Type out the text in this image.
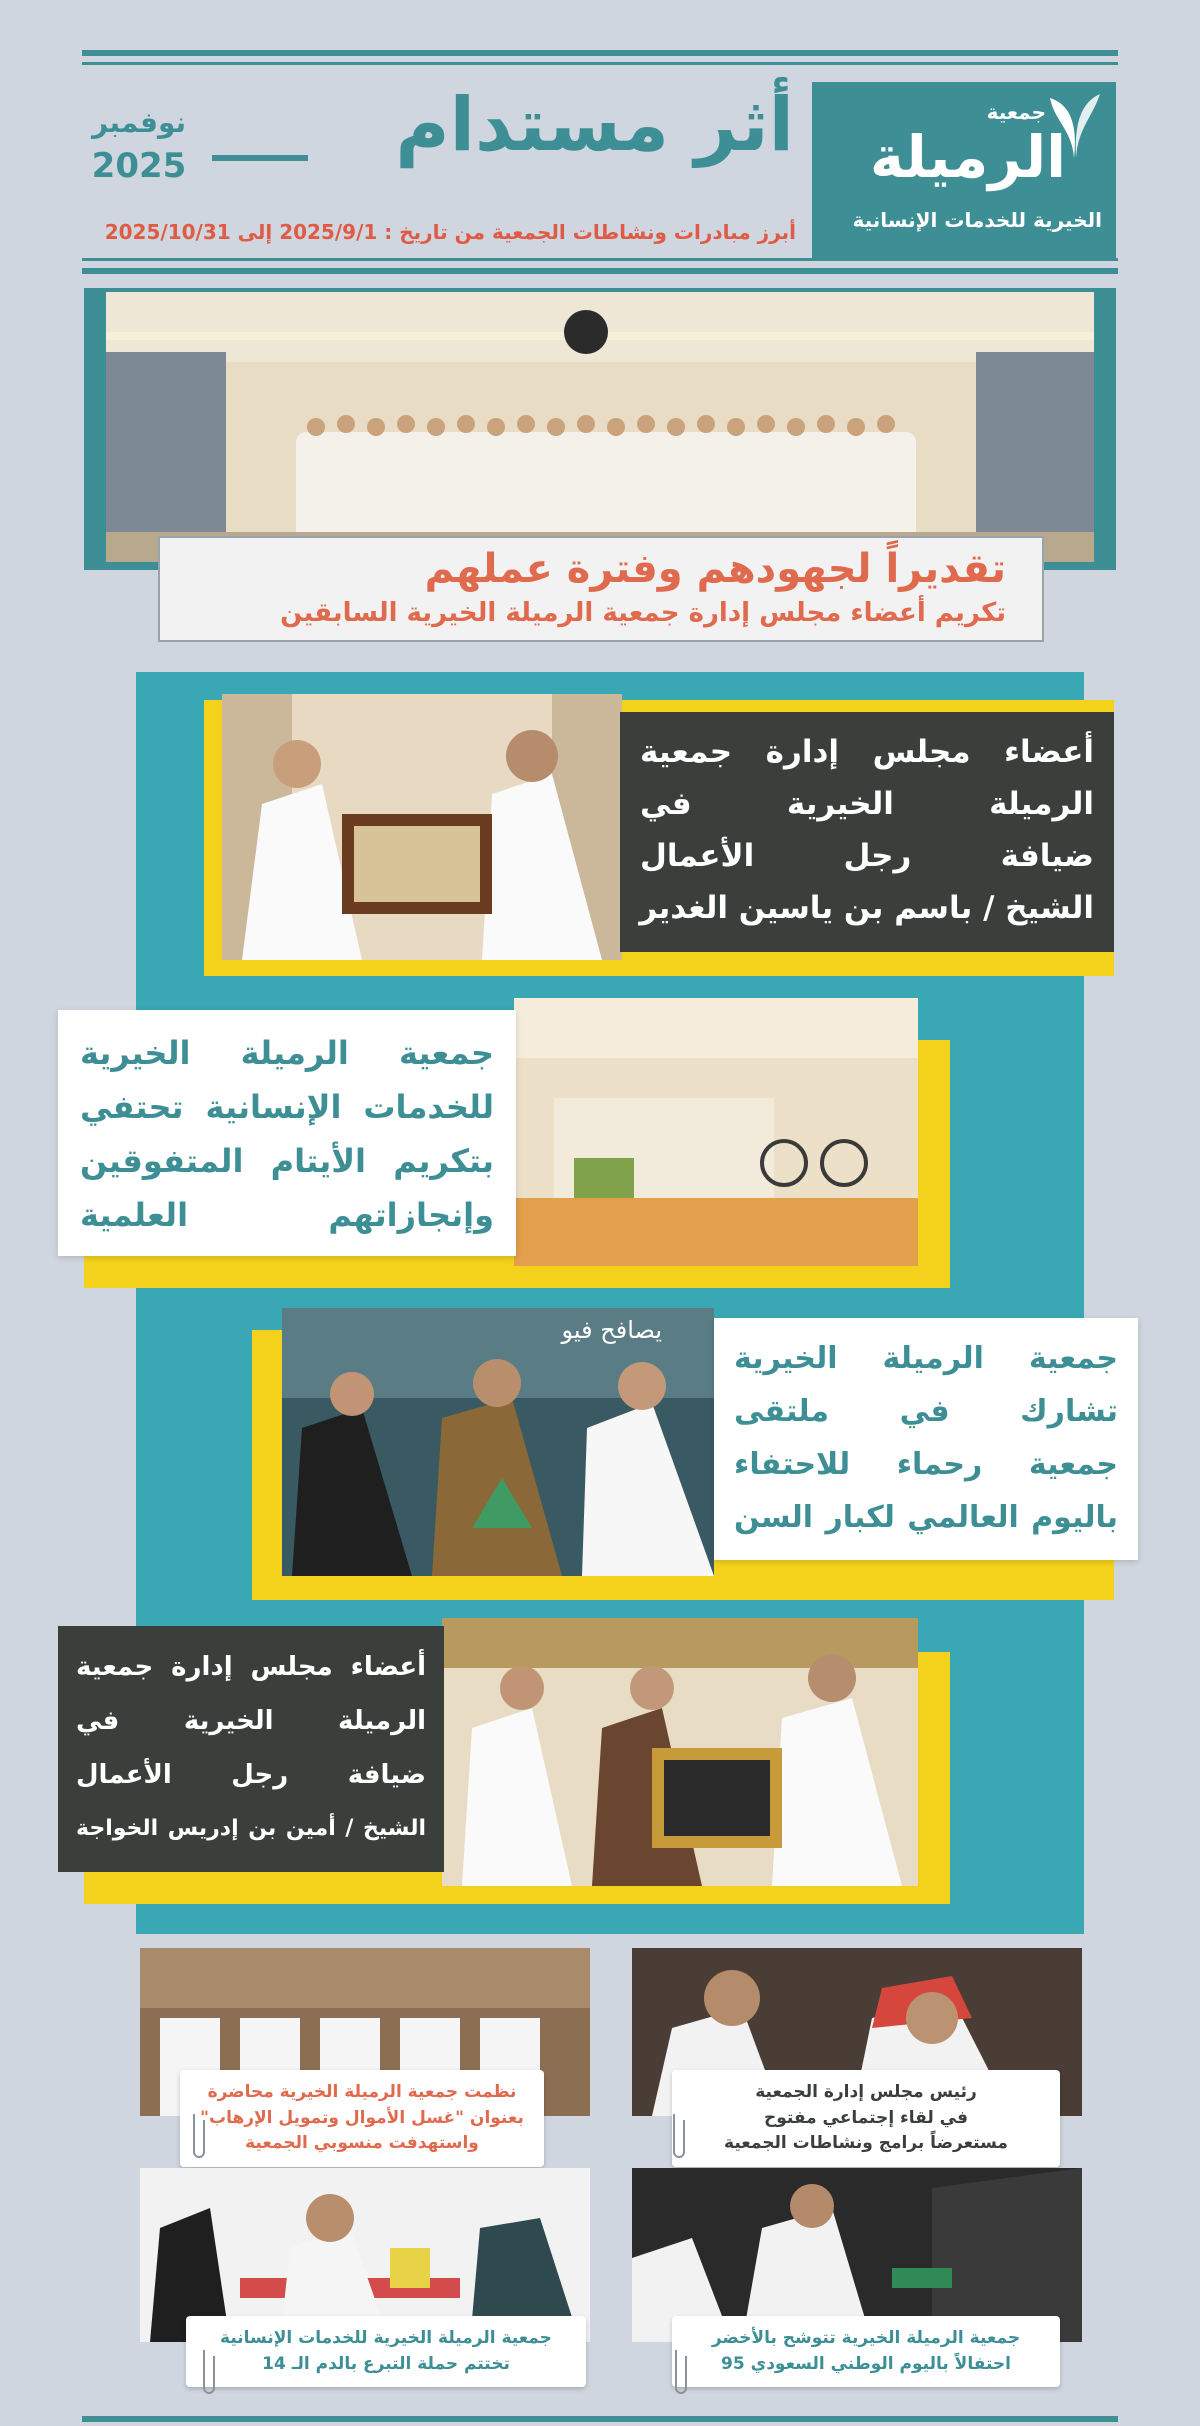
جمعية
الرميلة
الخيرية للخدمات الإنسانية
أثر مستدام
نوفمبر
2025
أبرز مبادرات ونشاطات الجمعية من تاريخ : 2025/9/1 إلى 2025/10/31
تقديراً لجهودهم وفترة عملهم
تكريم أعضاء مجلس إدارة جمعية الرميلة الخيرية السابقين
أعضاء مجلس إدارة جمعية
الرميلة الخيرية في
ضيافة رجل الأعمال
الشيخ / باسم بن ياسين الغدير
جمعية الرميلة الخيرية
للخدمات الإنسانية تحتفي
بتكريم الأيتام المتفوقين
وإنجازاتهم العلمية
يصافح فيو
جمعية الرميلة الخيرية
تشارك في ملتقى
جمعية رحماء للاحتفاء
باليوم العالمي لكبار السن
أعضاء مجلس إدارة جمعية
الرميلة الخيرية في
ضيافة رجل الأعمال
الشيخ / أمين بن إدريس الخواجة
نظمت جمعية الرميلة الخيرية محاضرة
بعنوان "غسل الأموال وتمويل الإرهاب"
واستهدفت منسوبي الجمعية
رئيس مجلس إدارة الجمعية
في لقاء إجتماعي مفتوح
مستعرضاً برامج ونشاطات الجمعية
جمعية الرميلة الخيرية للخدمات الإنسانية
تختتم حملة التبرع بالدم الـ 14
جمعية الرميلة الخيرية تتوشح بالأخضر
احتفالاً باليوم الوطني السعودي 95
